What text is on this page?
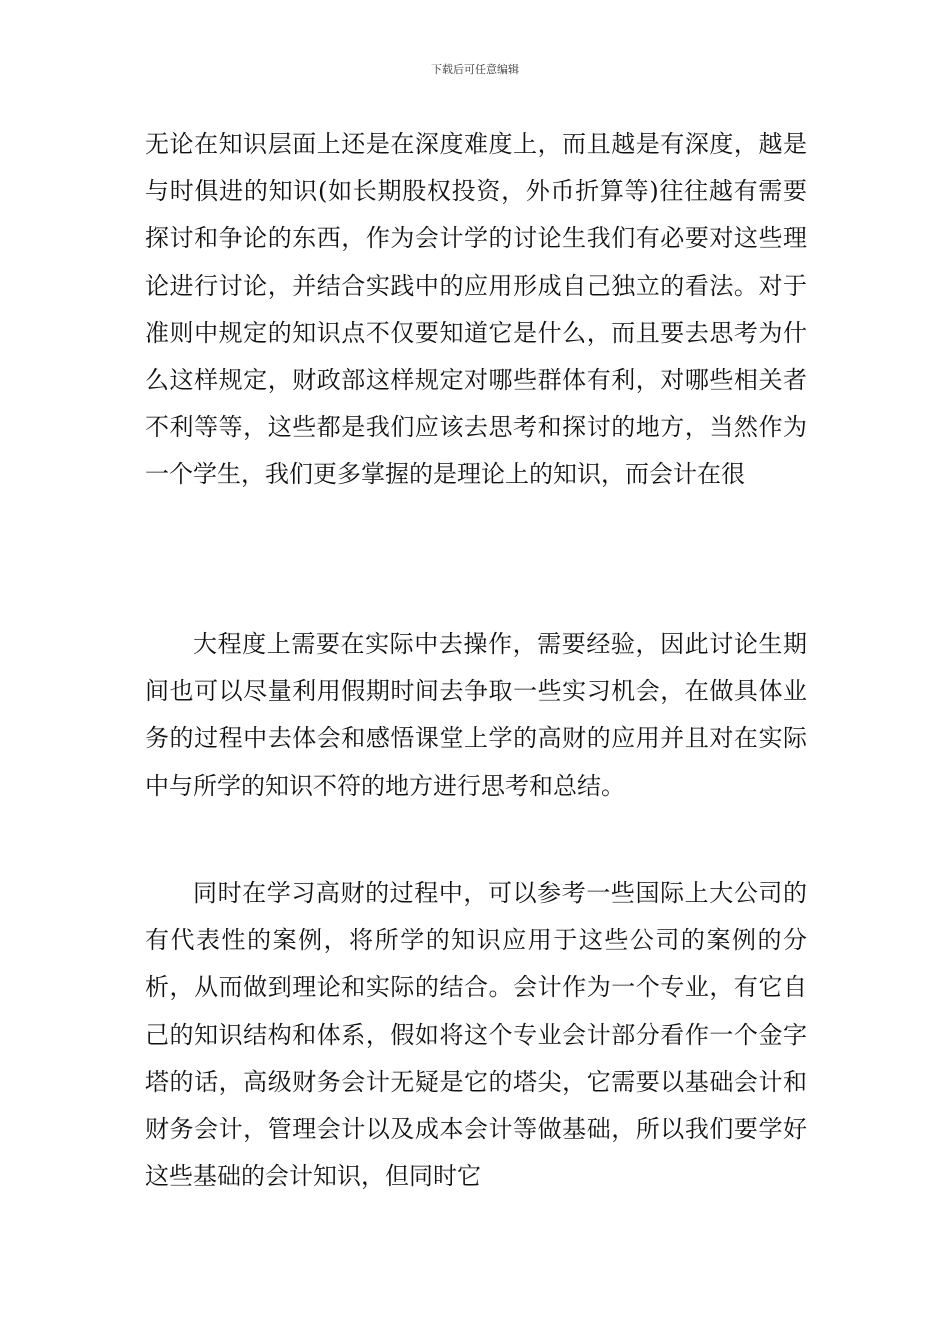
下载后可任意编辑

无论在知识层面上还是在深度难度上，而且越是有深度，越是与时俱进的知识(如长期股权投资，外币折算等)往往越有需要探讨和争论的东西，作为会计学的讨论生我们有必要对这些理论进行讨论，并结合实践中的应用形成自己独立的看法。对于准则中规定的知识点不仅要知道它是什么，而且要去思考为什么这样规定，财政部这样规定对哪些群体有利，对哪些相关者不利等等，这些都是我们应该去思考和探讨的地方，当然作为一个学生，我们更多掌握的是理论上的知识，而会计在很

大程度上需要在实际中去操作，需要经验，因此讨论生期间也可以尽量利用假期时间去争取一些实习机会，在做具体业务的过程中去体会和感悟课堂上学的高财的应用并且对在实际中与所学的知识不符的地方进行思考和总结。

同时在学习高财的过程中，可以参考一些国际上大公司的有代表性的案例，将所学的知识应用于这些公司的案例的分析，从而做到理论和实际的结合。会计作为一个专业，有它自己的知识结构和体系，假如将这个专业会计部分看作一个金字塔的话，高级财务会计无疑是它的塔尖，它需要以基础会计和财务会计，管理会计以及成本会计等做基础，所以我们要学好这些基础的会计知识，但同时它
